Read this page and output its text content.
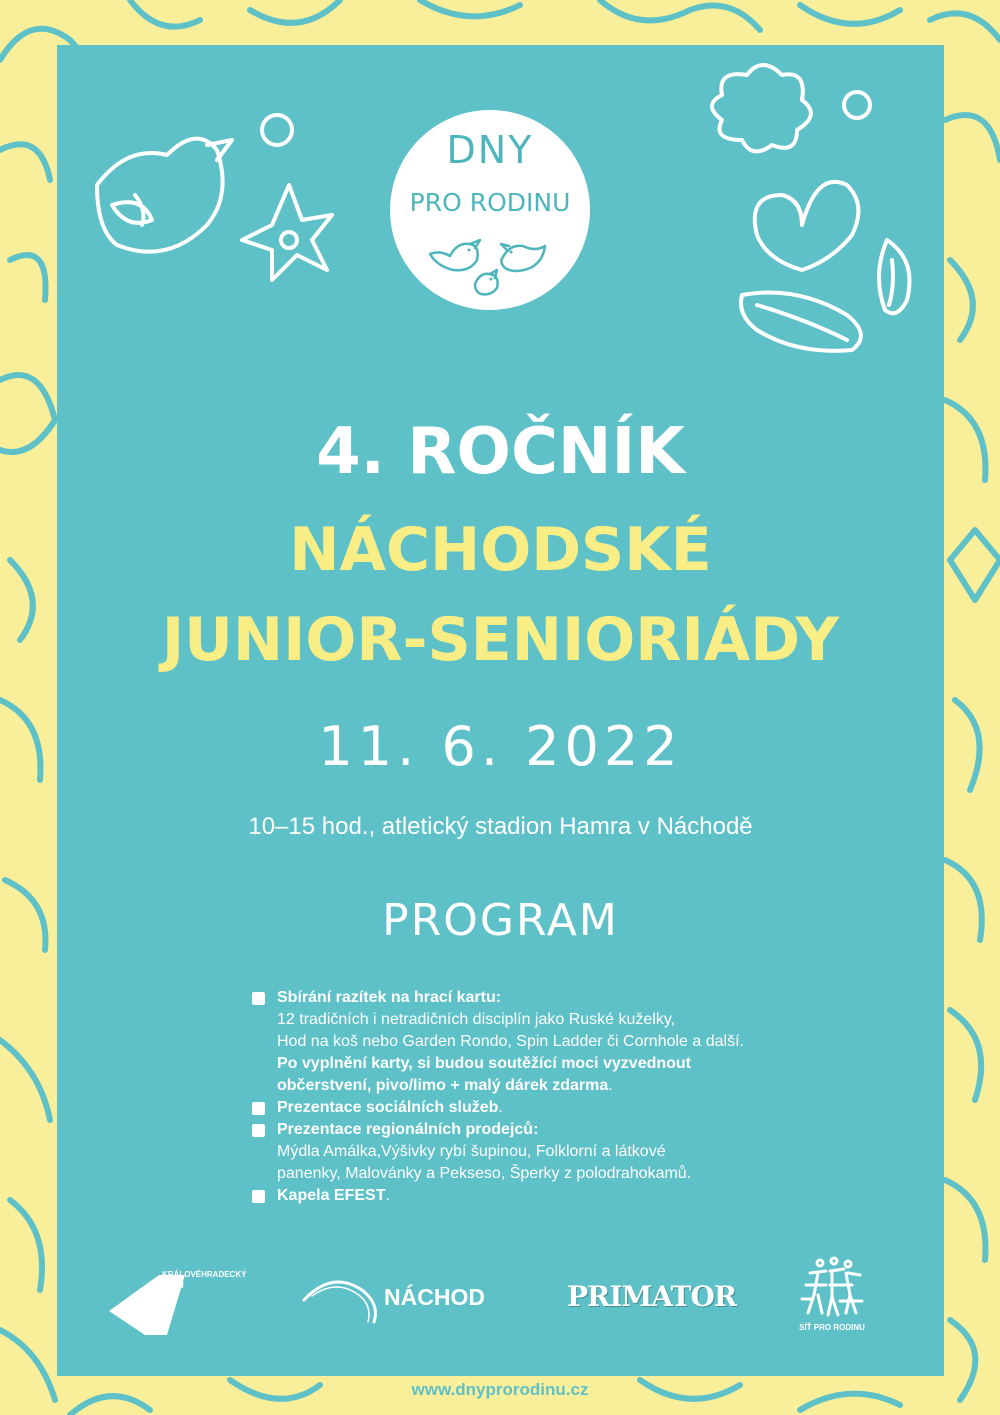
DNY
PRO RODINU
4. ROČNÍK
NÁCHODSKÉ
JUNIOR-SENIORIÁDY
11. 6. 2022
10–15 hod., atletický stadion Hamra v Náchodě
PROGRAM
Sbírání razítek na hrací kartu:
12 tradičních i netradičních disciplín jako Ruské kuželky,
Hod na koš nebo Garden Rondo, Spin Ladder či Cornhole a další.
Po vyplnění karty, si budou soutěžící moci vyzvednout
občerstvení, pivo/limo + malý dárek zdarma.
Prezentace sociálních služeb.
Prezentace regionálních prodejců:
Mýdla Amálka,Výšivky rybí šupinou, Folklorní a látkové
panenky, Malovánky a Pekseso, Šperky z polodrahokamů.
Kapela EFEST.
KRÁLOVÉHRADECKÝ
KRAJ	NÁCHOD	PRIMATOR
SÍŤ PRO RODINU
www.dnyprorodinu.cz
